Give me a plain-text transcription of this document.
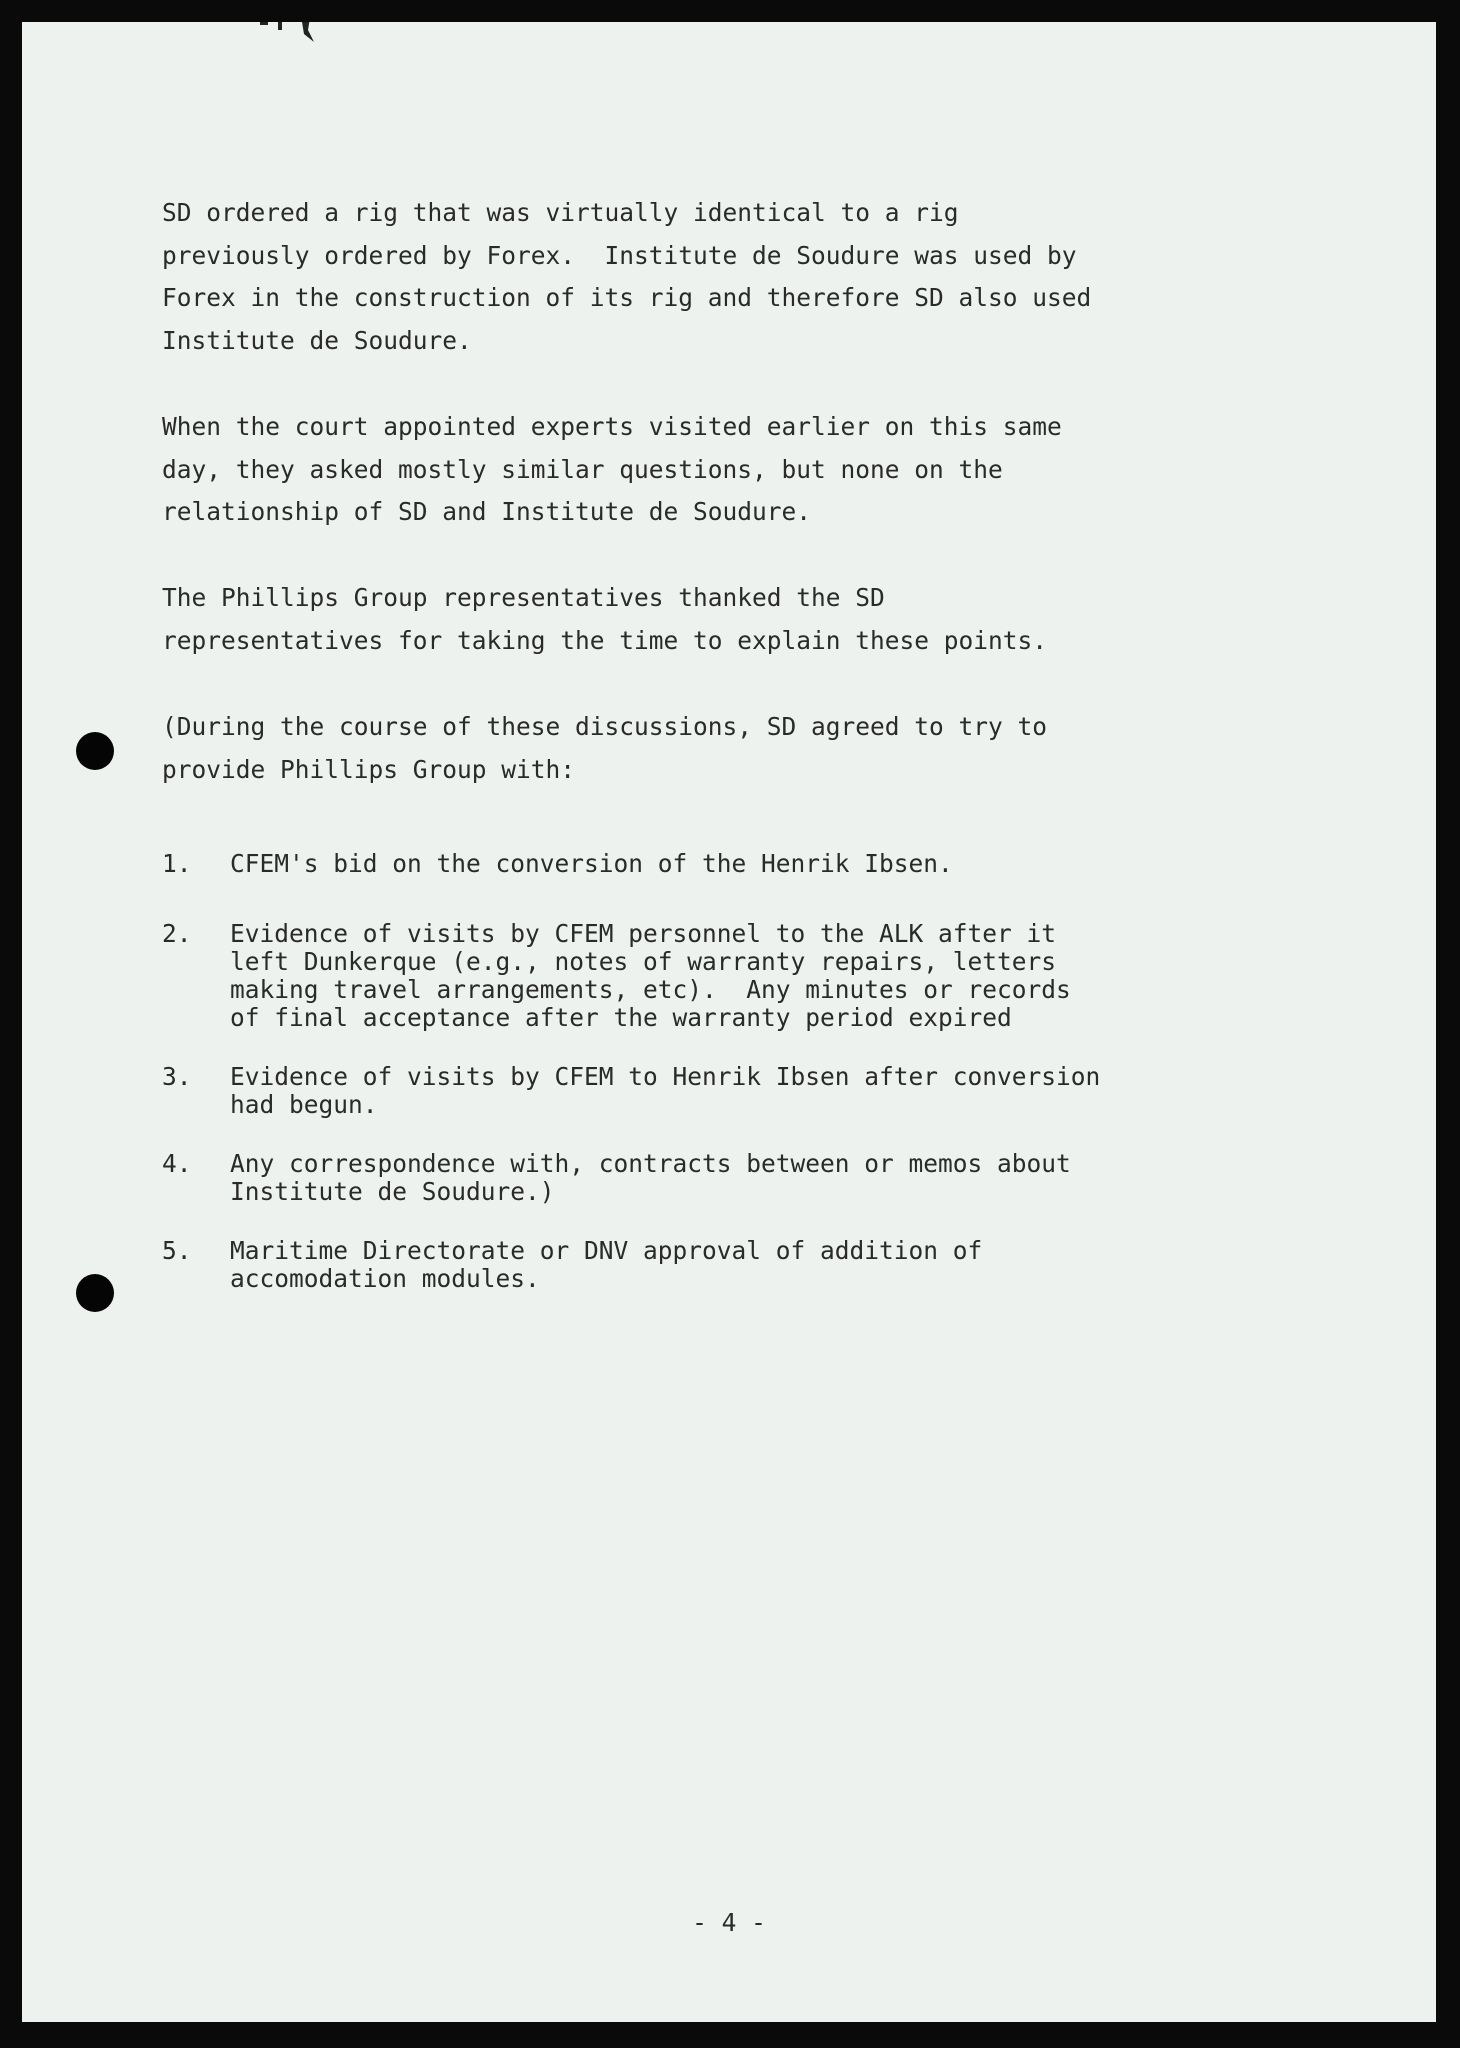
SD ordered a rig that was virtually identical to a rig
previously ordered by Forex.  Institute de Soudure was used by
Forex in the construction of its rig and therefore SD also used
Institute de Soudure.
When the court appointed experts visited earlier on this same
day, they asked mostly similar questions, but none on the
relationship of SD and Institute de Soudure.
The Phillips Group representatives thanked the SD
representatives for taking the time to explain these points.
(During the course of these discussions, SD agreed to try to
provide Phillips Group with:
1. CFEM's bid on the conversion of the Henrik Ibsen.
2. Evidence of visits by CFEM personnel to the ALK after it
left Dunkerque (e.g., notes of warranty repairs, letters
making travel arrangements, etc).  Any minutes or records
of final acceptance after the warranty period expired
3. Evidence of visits by CFEM to Henrik Ibsen after conversion
had begun.
4. Any correspondence with, contracts between or memos about
Institute de Soudure.)
5. Maritime Directorate or DNV approval of addition of
accomodation modules.
- 4 -
